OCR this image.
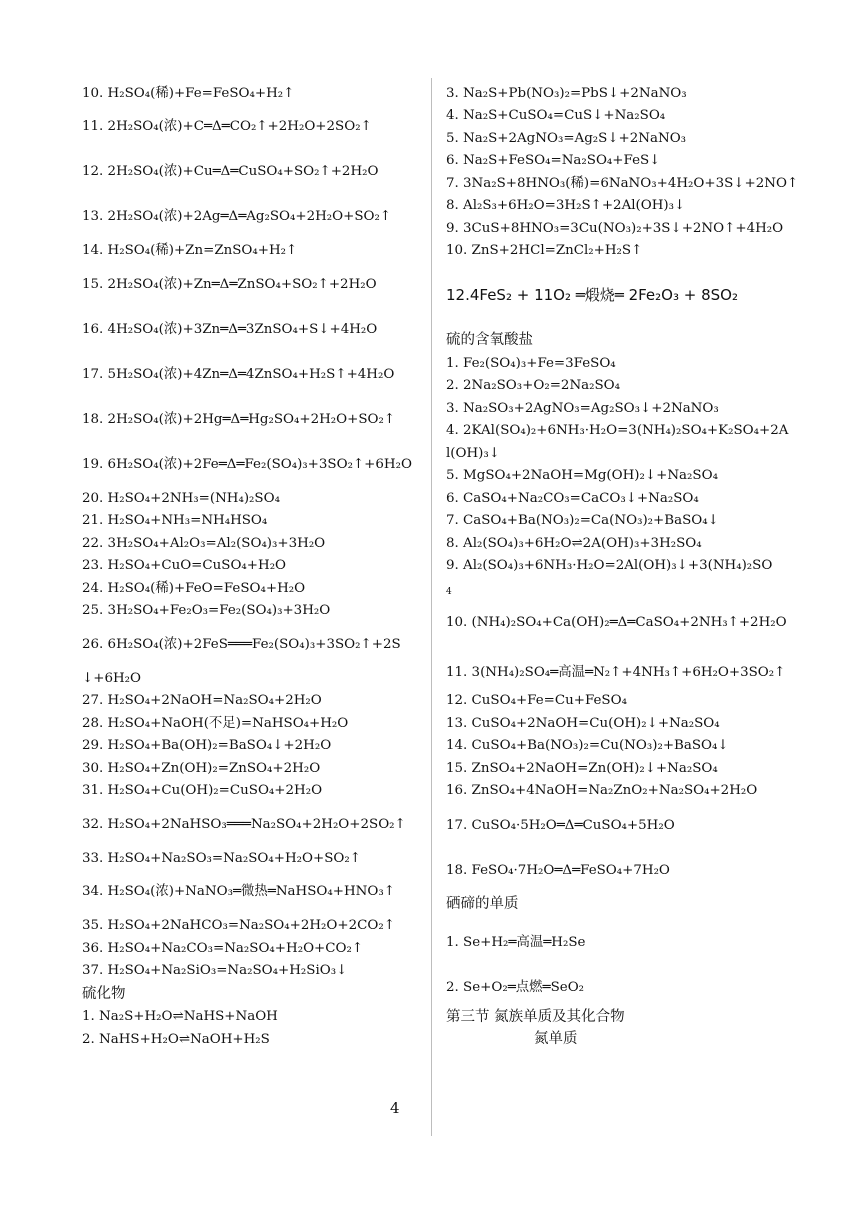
10. H₂SO₄(稀)+Fe=FeSO₄+H₂↑
11. 2H₂SO₄(浓)+C═Δ═CO₂↑+2H₂O+2SO₂↑
12. 2H₂SO₄(浓)+Cu═Δ═CuSO₄+SO₂↑+2H₂O
13. 2H₂SO₄(浓)+2Ag═Δ═Ag₂SO₄+2H₂O+SO₂↑
14. H₂SO₄(稀)+Zn=ZnSO₄+H₂↑
15. 2H₂SO₄(浓)+Zn═Δ═ZnSO₄+SO₂↑+2H₂O
16. 4H₂SO₄(浓)+3Zn═Δ═3ZnSO₄+S↓+4H₂O
17. 5H₂SO₄(浓)+4Zn═Δ═4ZnSO₄+H₂S↑+4H₂O
18. 2H₂SO₄(浓)+2Hg═Δ═Hg₂SO₄+2H₂O+SO₂↑
19. 6H₂SO₄(浓)+2Fe═Δ═Fe₂(SO₄)₃+3SO₂↑+6H₂O
20. H₂SO₄+2NH₃=(NH₄)₂SO₄
21. H₂SO₄+NH₃=NH₄HSO₄
22. 3H₂SO₄+Al₂O₃=Al₂(SO₄)₃+3H₂O
23. H₂SO₄+CuO=CuSO₄+H₂O
24. H₂SO₄(稀)+FeO=FeSO₄+H₂O
25. 3H₂SO₄+Fe₂O₃=Fe₂(SO₄)₃+3H₂O
26. 6H₂SO₄(浓)+2FeS═══Fe₂(SO₄)₃+3SO₂↑+2S
↓+6H₂O
27. H₂SO₄+2NaOH=Na₂SO₄+2H₂O
28. H₂SO₄+NaOH(不足)=NaHSO₄+H₂O
29. H₂SO₄+Ba(OH)₂=BaSO₄↓+2H₂O
30. H₂SO₄+Zn(OH)₂=ZnSO₄+2H₂O
31. H₂SO₄+Cu(OH)₂=CuSO₄+2H₂O
32. H₂SO₄+2NaHSO₃═══Na₂SO₄+2H₂O+2SO₂↑
33. H₂SO₄+Na₂SO₃=Na₂SO₄+H₂O+SO₂↑
34. H₂SO₄(浓)+NaNO₃═微热═NaHSO₄+HNO₃↑
35. H₂SO₄+2NaHCO₃=Na₂SO₄+2H₂O+2CO₂↑
36. H₂SO₄+Na₂CO₃=Na₂SO₄+H₂O+CO₂↑
37. H₂SO₄+Na₂SiO₃=Na₂SO₄+H₂SiO₃↓
硫化物
1. Na₂S+H₂O⇌NaHS+NaOH
2. NaHS+H₂O⇌NaOH+H₂S
3. Na₂S+Pb(NO₃)₂=PbS↓+2NaNO₃
4. Na₂S+CuSO₄=CuS↓+Na₂SO₄
5. Na₂S+2AgNO₃=Ag₂S↓+2NaNO₃
6. Na₂S+FeSO₄=Na₂SO₄+FeS↓
7. 3Na₂S+8HNO₃(稀)=6NaNO₃+4H₂O+3S↓+2NO↑
8. Al₂S₃+6H₂O=3H₂S↑+2Al(OH)₃↓
9. 3CuS+8HNO₃=3Cu(NO₃)₂+3S↓+2NO↑+4H₂O
10. ZnS+2HCl=ZnCl₂+H₂S↑
12.4FeS₂ + 11O₂ ═煅烧═ 2Fe₂O₃ + 8SO₂
硫的含氧酸盐
1. Fe₂(SO₄)₃+Fe=3FeSO₄
2. 2Na₂SO₃+O₂=2Na₂SO₄
3. Na₂SO₃+2AgNO₃=Ag₂SO₃↓+2NaNO₃
4. 2KAl(SO₄)₂+6NH₃·H₂O=3(NH₄)₂SO₄+K₂SO₄+2A
l(OH)₃↓
5. MgSO₄+2NaOH=Mg(OH)₂↓+Na₂SO₄
6. CaSO₄+Na₂CO₃=CaCO₃↓+Na₂SO₄
7. CaSO₄+Ba(NO₃)₂=Ca(NO₃)₂+BaSO₄↓
8. Al₂(SO₄)₃+6H₂O⇌2A(OH)₃+3H₂SO₄
9. Al₂(SO₄)₃+6NH₃·H₂O=2Al(OH)₃↓+3(NH₄)₂SO
4
10. (NH₄)₂SO₄+Ca(OH)₂═Δ═CaSO₄+2NH₃↑+2H₂O
11. 3(NH₄)₂SO₄═高温═N₂↑+4NH₃↑+6H₂O+3SO₂↑
12. CuSO₄+Fe=Cu+FeSO₄
13. CuSO₄+2NaOH=Cu(OH)₂↓+Na₂SO₄
14. CuSO₄+Ba(NO₃)₂=Cu(NO₃)₂+BaSO₄↓
15. ZnSO₄+2NaOH=Zn(OH)₂↓+Na₂SO₄
16. ZnSO₄+4NaOH=Na₂ZnO₂+Na₂SO₄+2H₂O
17. CuSO₄·5H₂O═Δ═CuSO₄+5H₂O
18. FeSO₄·7H₂O═Δ═FeSO₄+7H₂O
硒碲的单质
1. Se+H₂═高温═H₂Se
2. Se+O₂═点燃═SeO₂
第三节 氮族单质及其化合物
氮单质
4
